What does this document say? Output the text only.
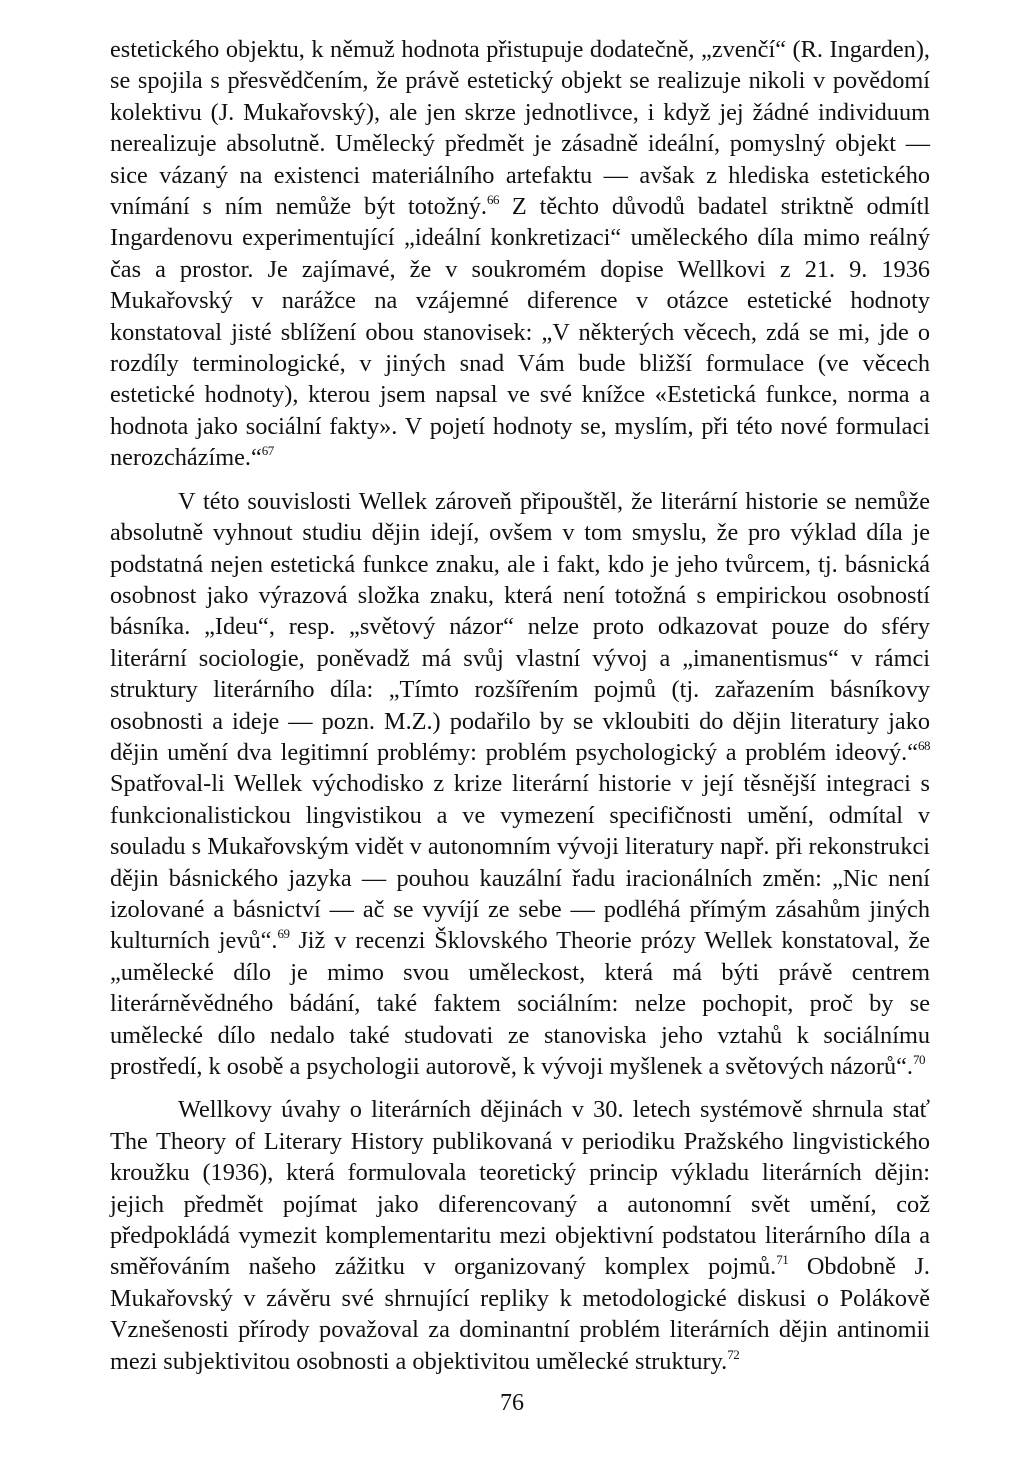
estetického objektu, k němuž hodnota přistupuje dodatečně, „zvenčí“ (R. Ingarden), se spojila s přesvědčením, že právě estetický objekt se realizuje nikoli v povědomí kolektivu (J. Mukařovský), ale jen skrze jednotlivce, i když jej žádné individuum nerealizuje absolutně. Umělecký předmět je zásadně ideální, pomyslný objekt — sice vázaný na existenci materiálního artefaktu — avšak z hlediska estetického vnímání s ním nemůže být totožný.$^{66}$ Z těchto důvodů badatel striktně odmítl Ingardenovu experimentující „ideální konkretizaci“ uměleckého díla mimo reálný čas a prostor. Je zajímavé, že v soukromém dopise Wellkovi z 21. 9. 1936 Mukařovský v narážce na vzájemné diference v otázce estetické hodnoty konstatoval jisté sblížení obou stanovisek: „V některých věcech, zdá se mi, jde o rozdíly terminologické, v jiných snad Vám bude bližší formulace (ve věcech estetické hodnoty), kterou jsem napsal ve své knížce «Estetická funkce, norma a hodnota jako sociální fakty». V pojetí hodnoty se, myslím, při této nové formulaci nerozcházíme.“$^{67}$

V této souvislosti Wellek zároveň připouštěl, že literární historie se nemůže absolutně vyhnout studiu dějin idejí, ovšem v tom smyslu, že pro výklad díla je podstatná nejen estetická funkce znaku, ale i fakt, kdo je jeho tvůrcem, tj. básnická osobnost jako výrazová složka znaku, která není totožná s empirickou osobností básníka. „Ideu“, resp. „světový názor“ nelze proto odkazovat pouze do sféry literární sociologie, poněvadž má svůj vlastní vývoj a „imanentismus“ v rámci struktury literárního díla: „Tímto rozšířením pojmů (tj. zařazením básníkovy osobnosti a ideje — pozn. M.Z.) podařilo by se vkloubiti do dějin literatury jako dějin umění dva legitimní problémy: problém psychologický a problém ideový.“$^{68}$ Spatřoval-li Wellek východisko z krize literární historie v její těsnější integraci s funkcionalistickou lingvistikou a ve vymezení specifičnosti umění, odmítal v souladu s Mukařovským vidět v autonomním vývoji literatury např. při rekonstrukci dějin básnického jazyka — pouhou kauzální řadu iracionálních změn: „Nic není izolované a básnictví — ač se vyvíjí ze sebe — podléhá přímým zásahům jiných kulturních jevů“.$^{69}$ Již v recenzi Šklovského Theorie prózy Wellek konstatoval, že „umělecké dílo je mimo svou uměleckost, která má býti právě centrem literárněvědného bádání, také faktem sociálním: nelze pochopit, proč by se umělecké dílo nedalo také studovati ze stanoviska jeho vztahů k sociálnímu prostředí, k osobě a psychologii autorově, k vývoji myšlenek a světových názorů“.$^{70}$

Wellkovy úvahy o literárních dějinách v 30. letech systémově shrnula stať The Theory of Literary History publikovaná v periodiku Pražského lingvistického kroužku (1936), která formulovala teoretický princip výkladu literárních dějin: jejich předmět pojímat jako diferencovaný a autonomní svět umění, což předpokládá vymezit komplementaritu mezi objektivní podstatou literárního díla a směřováním našeho zážitku v organizovaný komplex pojmů.$^{71}$ Obdobně J. Mukařovský v závěru své shrnující repliky k metodologické diskusi o Polákově Vznešenosti přírody považoval za dominantní problém literárních dějin antinomii mezi subjektivitou osobnosti a objektivitou umělecké struktury.$^{72}$

76
